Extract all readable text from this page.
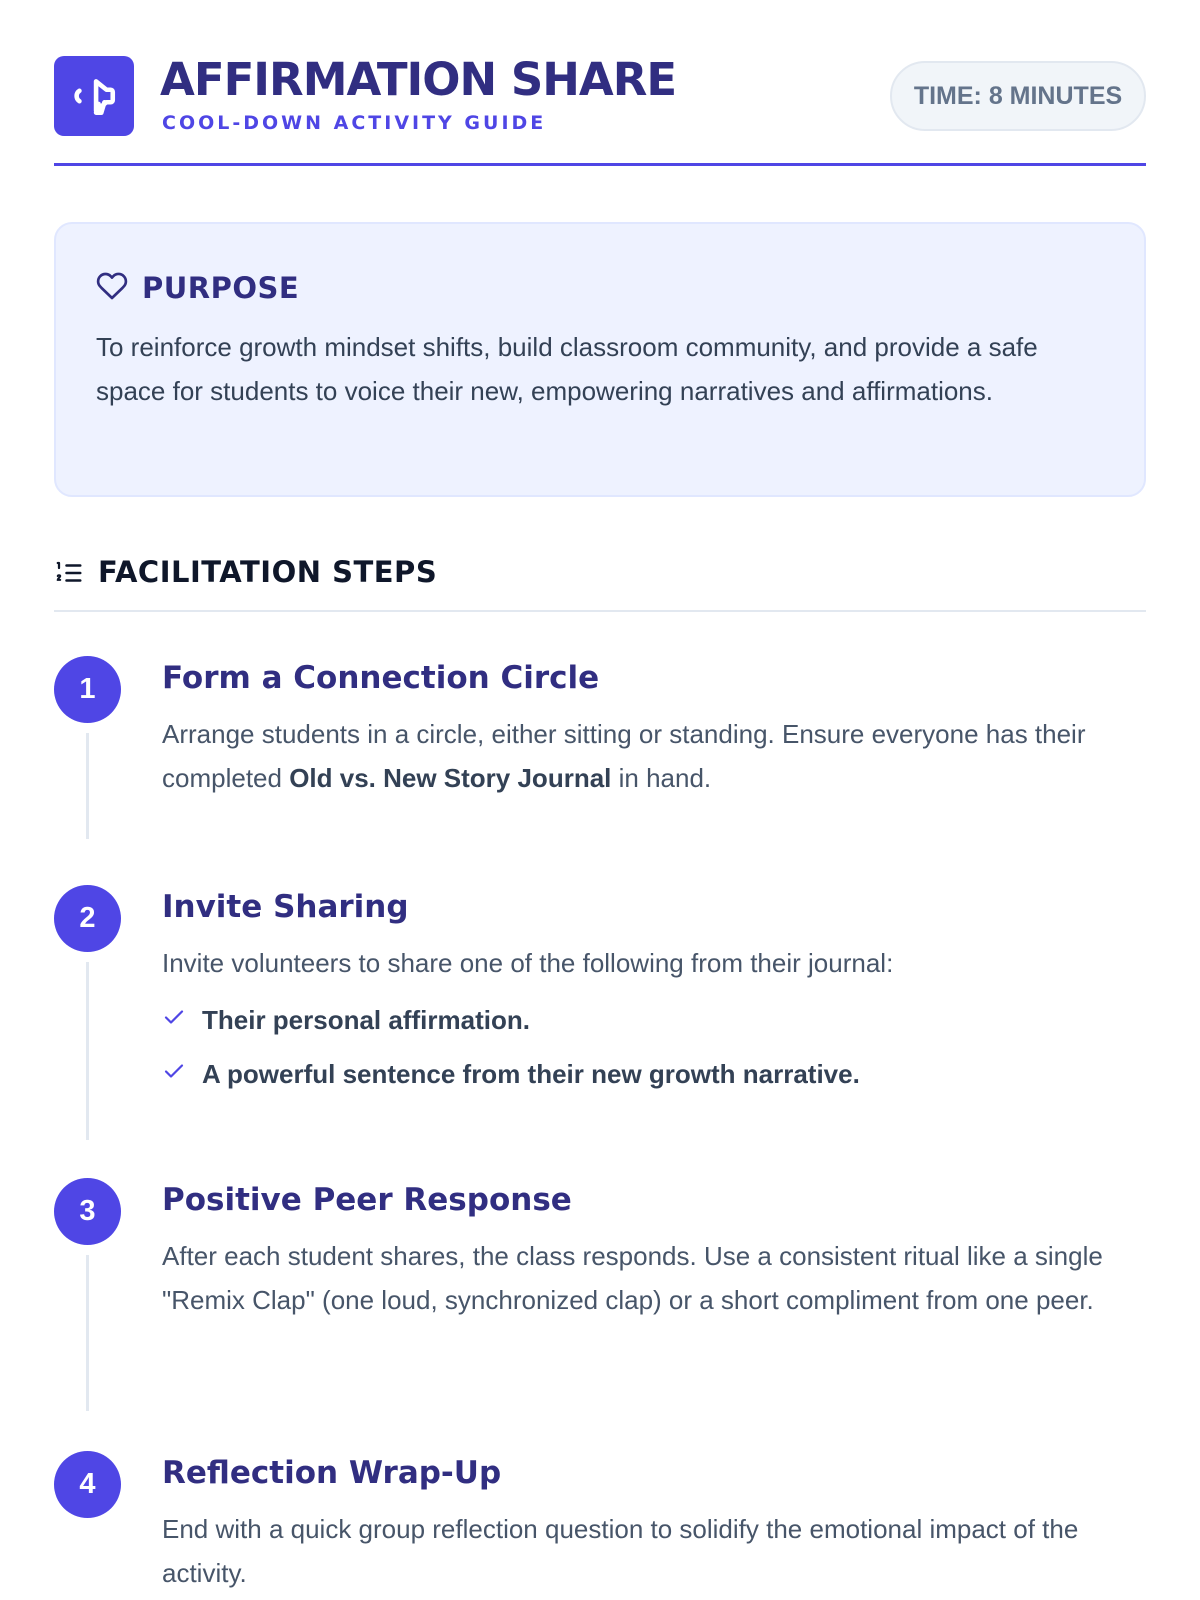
AFFIRMATION SHARE
COOL-DOWN ACTIVITY GUIDE
TIME: 8 MINUTES
PURPOSE

To reinforce growth mindset shifts, build classroom community, and provide a safe space for students to voice their new, empowering narratives and affirmations.

FACILITATION STEPS
1	Form a Connection Circle

Arrange students in a circle, either sitting or standing. Ensure everyone has their completed Old vs. New Story Journal in hand.

2	Invite Sharing

Invite volunteers to share one of the following from their journal:

Their personal affirmation.
A powerful sentence from their new growth narrative.
3	Positive Peer Response

After each student shares, the class responds. Use a consistent ritual like a single "Remix Clap" (one loud, synchronized clap) or a short compliment from one peer.

4	Reflection Wrap-Up

End with a quick group reflection question to solidify the emotional impact of the activity.
